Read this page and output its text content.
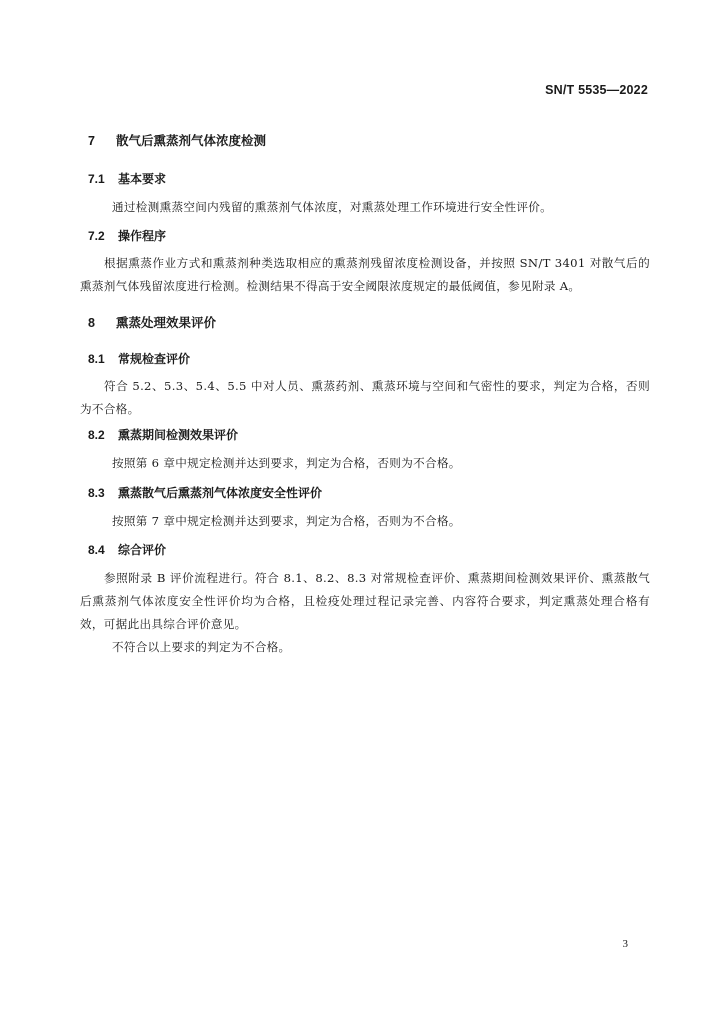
SN/T 5535—2022

7 散气后熏蒸剂气体浓度检测

7.1 基本要求

通过检测熏蒸空间内残留的熏蒸剂气体浓度，对熏蒸处理工作环境进行安全性评价。

7.2 操作程序

根据熏蒸作业方式和熏蒸剂种类选取相应的熏蒸剂残留浓度检测设备，并按照 SN/T 3401 对散气后的熏蒸剂气体残留浓度进行检测。检测结果不得高于安全阈限浓度规定的最低阈值，参见附录 A。

8 熏蒸处理效果评价

8.1 常规检查评价

符合 5.2、5.3、5.4、5.5 中对人员、熏蒸药剂、熏蒸环境与空间和气密性的要求，判定为合格，否则为不合格。

8.2 熏蒸期间检测效果评价

按照第 6 章中规定检测并达到要求，判定为合格，否则为不合格。

8.3 熏蒸散气后熏蒸剂气体浓度安全性评价

按照第 7 章中规定检测并达到要求，判定为合格，否则为不合格。

8.4 综合评价

参照附录 B 评价流程进行。符合 8.1、8.2、8.3 对常规检查评价、熏蒸期间检测效果评价、熏蒸散气后熏蒸剂气体浓度安全性评价均为合格，且检疫处理过程记录完善、内容符合要求，判定熏蒸处理合格有效，可据此出具综合评价意见。

不符合以上要求的判定为不合格。

3
